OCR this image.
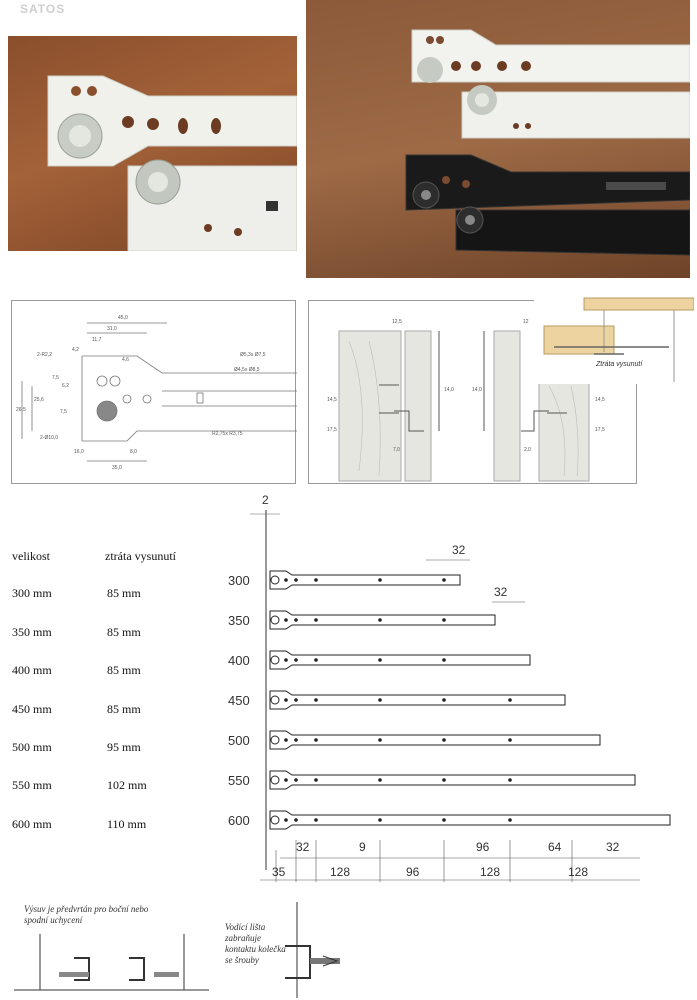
SATOS
45,0
31,0
11,7
4,2
2-R2,2
4,6
7,5
6,2
25,6
26,5	7,5
2-Ø10,0
16,0	8,0
35,0
Ø5,3x Ø7,5
Ø4,5x Ø8,5
R2,75x R3,75
12,5	12
14,0	14,0
14,5
17,5
7,0	2,0
14,5
17,5
Ztráta vysunutí
velikost	ztráta vysunutí
300 mm	85 mm
350 mm	85 mm
400 mm	85 mm
450 mm	85 mm
500 mm	95 mm
550 mm	102 mm
600 mm	110 mm
2
300
350
400
450
500
550
600
32
32
32	9	96	64	32
35	128	96	128	128
Výsuv je předvrtán pro boční nebo spodní uchycení
Vodící lišta zabraňuje kontaktu kolečka se šrouby
